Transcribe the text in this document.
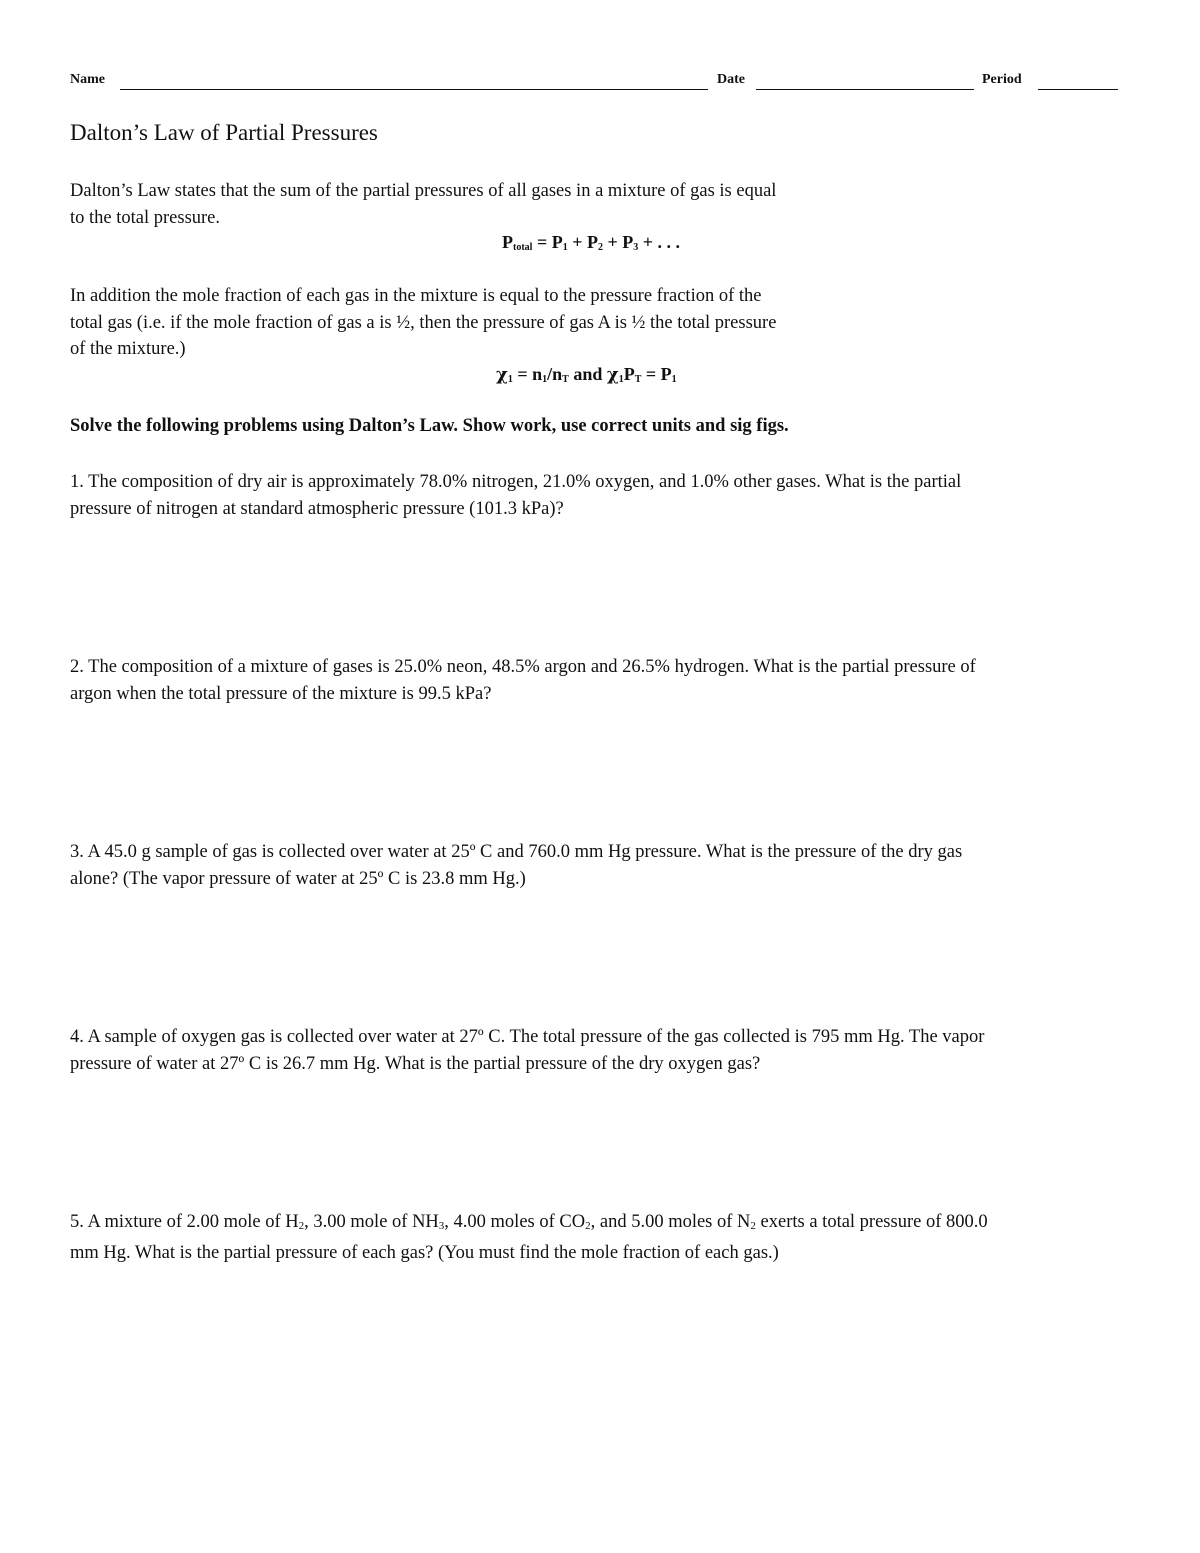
Name	Date	Period
Dalton’s Law of Partial Pressures
Dalton’s Law states that the sum of the partial pressures of all gases in a mixture of gas is equal
to the total pressure.
$P_{total} = P_1 + P_2 + P_3$ + . . .
In addition the mole fraction of each gas in the mixture is equal to the pressure fraction of the
total gas (i.e. if the mole fraction of gas a is ½, then the pressure of gas A is ½ the total pressure
of the mixture.)
$\chi_1 = n_1/n_T$ and $\chi_1P_T = P_1$
Solve the following problems using Dalton’s Law. Show work, use correct units and sig figs.
1. The composition of dry air is approximately 78.0% nitrogen, 21.0% oxygen, and 1.0% other gases. What is the partial
pressure of nitrogen at standard atmospheric pressure (101.3 kPa)?
2. The composition of a mixture of gases is 25.0% neon, 48.5% argon and 26.5% hydrogen. What is the partial pressure of
argon when the total pressure of the mixture is 99.5 kPa?
3. A 45.0 g sample of gas is collected over water at 25º C and 760.0 mm Hg pressure. What is the pressure of the dry gas
alone? (The vapor pressure of water at 25º C is 23.8 mm Hg.)
4. A sample of oxygen gas is collected over water at 27º C. The total pressure of the gas collected is 795 mm Hg. The vapor
pressure of water at 27º C is 26.7 mm Hg. What is the partial pressure of the dry oxygen gas?
5. A mixture of 2.00 mole of $H_2$, 3.00 mole of $NH_3$, 4.00 moles of $CO_2$, and 5.00 moles of $N_2$ exerts a total pressure of 800.0
mm Hg. What is the partial pressure of each gas? (You must find the mole fraction of each gas.)
